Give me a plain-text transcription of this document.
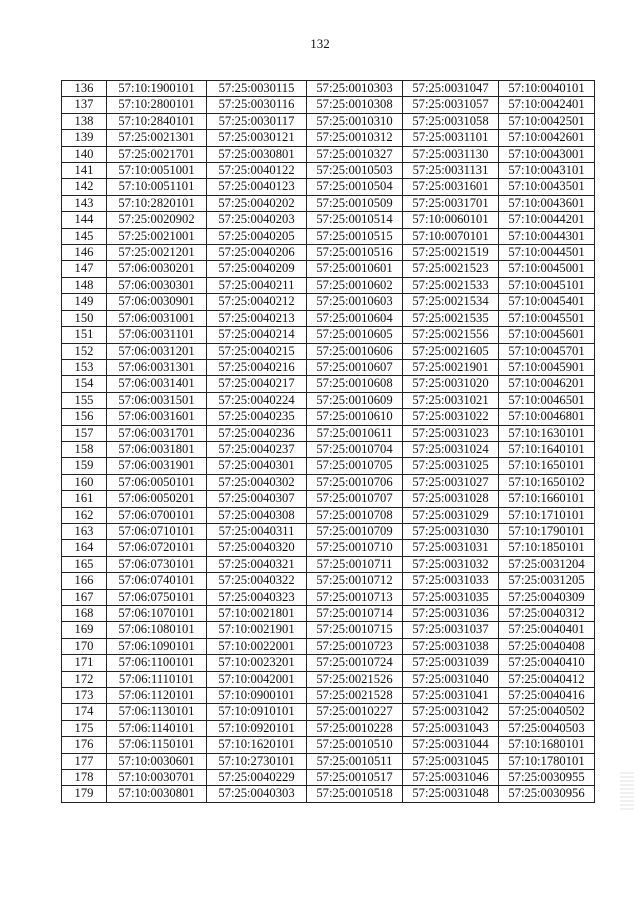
132
136	57:10:1900101	57:25:0030115	57:25:0010303	57:25:0031047	57:10:0040101
137	57:10:2800101	57:25:0030116	57:25:0010308	57:25:0031057	57:10:0042401
138	57:10:2840101	57:25:0030117	57:25:0010310	57:25:0031058	57:10:0042501
139	57:25:0021301	57:25:0030121	57:25:0010312	57:25:0031101	57:10:0042601
140	57:25:0021701	57:25:0030801	57:25:0010327	57:25:0031130	57:10:0043001
141	57:10:0051001	57:25:0040122	57:25:0010503	57:25:0031131	57:10:0043101
142	57:10:0051101	57:25:0040123	57:25:0010504	57:25:0031601	57:10:0043501
143	57:10:2820101	57:25:0040202	57:25:0010509	57:25:0031701	57:10:0043601
144	57:25:0020902	57:25:0040203	57:25:0010514	57:10:0060101	57:10:0044201
145	57:25:0021001	57:25:0040205	57:25:0010515	57:10:0070101	57:10:0044301
146	57:25:0021201	57:25:0040206	57:25:0010516	57:25:0021519	57:10:0044501
147	57:06:0030201	57:25:0040209	57:25:0010601	57:25:0021523	57:10:0045001
148	57:06:0030301	57:25:0040211	57:25:0010602	57:25:0021533	57:10:0045101
149	57:06:0030901	57:25:0040212	57:25:0010603	57:25:0021534	57:10:0045401
150	57:06:0031001	57:25:0040213	57:25:0010604	57:25:0021535	57:10:0045501
151	57:06:0031101	57:25:0040214	57:25:0010605	57:25:0021556	57:10:0045601
152	57:06:0031201	57:25:0040215	57:25:0010606	57:25:0021605	57:10:0045701
153	57:06:0031301	57:25:0040216	57:25:0010607	57:25:0021901	57:10:0045901
154	57:06:0031401	57:25:0040217	57:25:0010608	57:25:0031020	57:10:0046201
155	57:06:0031501	57:25:0040224	57:25:0010609	57:25:0031021	57:10:0046501
156	57:06:0031601	57:25:0040235	57:25:0010610	57:25:0031022	57:10:0046801
157	57:06:0031701	57:25:0040236	57:25:0010611	57:25:0031023	57:10:1630101
158	57:06:0031801	57:25:0040237	57:25:0010704	57:25:0031024	57:10:1640101
159	57:06:0031901	57:25:0040301	57:25:0010705	57:25:0031025	57:10:1650101
160	57:06:0050101	57:25:0040302	57:25:0010706	57:25:0031027	57:10:1650102
161	57:06:0050201	57:25:0040307	57:25:0010707	57:25:0031028	57:10:1660101
162	57:06:0700101	57:25:0040308	57:25:0010708	57:25:0031029	57:10:1710101
163	57:06:0710101	57:25:0040311	57:25:0010709	57:25:0031030	57:10:1790101
164	57:06:0720101	57:25:0040320	57:25:0010710	57:25:0031031	57:10:1850101
165	57:06:0730101	57:25:0040321	57:25:0010711	57:25:0031032	57:25:0031204
166	57:06:0740101	57:25:0040322	57:25:0010712	57:25:0031033	57:25:0031205
167	57:06:0750101	57:25:0040323	57:25:0010713	57:25:0031035	57:25:0040309
168	57:06:1070101	57:10:0021801	57:25:0010714	57:25:0031036	57:25:0040312
169	57:06:1080101	57:10:0021901	57:25:0010715	57:25:0031037	57:25:0040401
170	57:06:1090101	57:10:0022001	57:25:0010723	57:25:0031038	57:25:0040408
171	57:06:1100101	57:10:0023201	57:25:0010724	57:25:0031039	57:25:0040410
172	57:06:1110101	57:10:0042001	57:25:0021526	57:25:0031040	57:25:0040412
173	57:06:1120101	57:10:0900101	57:25:0021528	57:25:0031041	57:25:0040416
174	57:06:1130101	57:10:0910101	57:25:0010227	57:25:0031042	57:25:0040502
175	57:06:1140101	57:10:0920101	57:25:0010228	57:25:0031043	57:25:0040503
176	57:06:1150101	57:10:1620101	57:25:0010510	57:25:0031044	57:10:1680101
177	57:10:0030601	57:10:2730101	57:25:0010511	57:25:0031045	57:10:1780101
178	57:10:0030701	57:25:0040229	57:25:0010517	57:25:0031046	57:25:0030955
179	57:10:0030801	57:25:0040303	57:25:0010518	57:25:0031048	57:25:0030956
